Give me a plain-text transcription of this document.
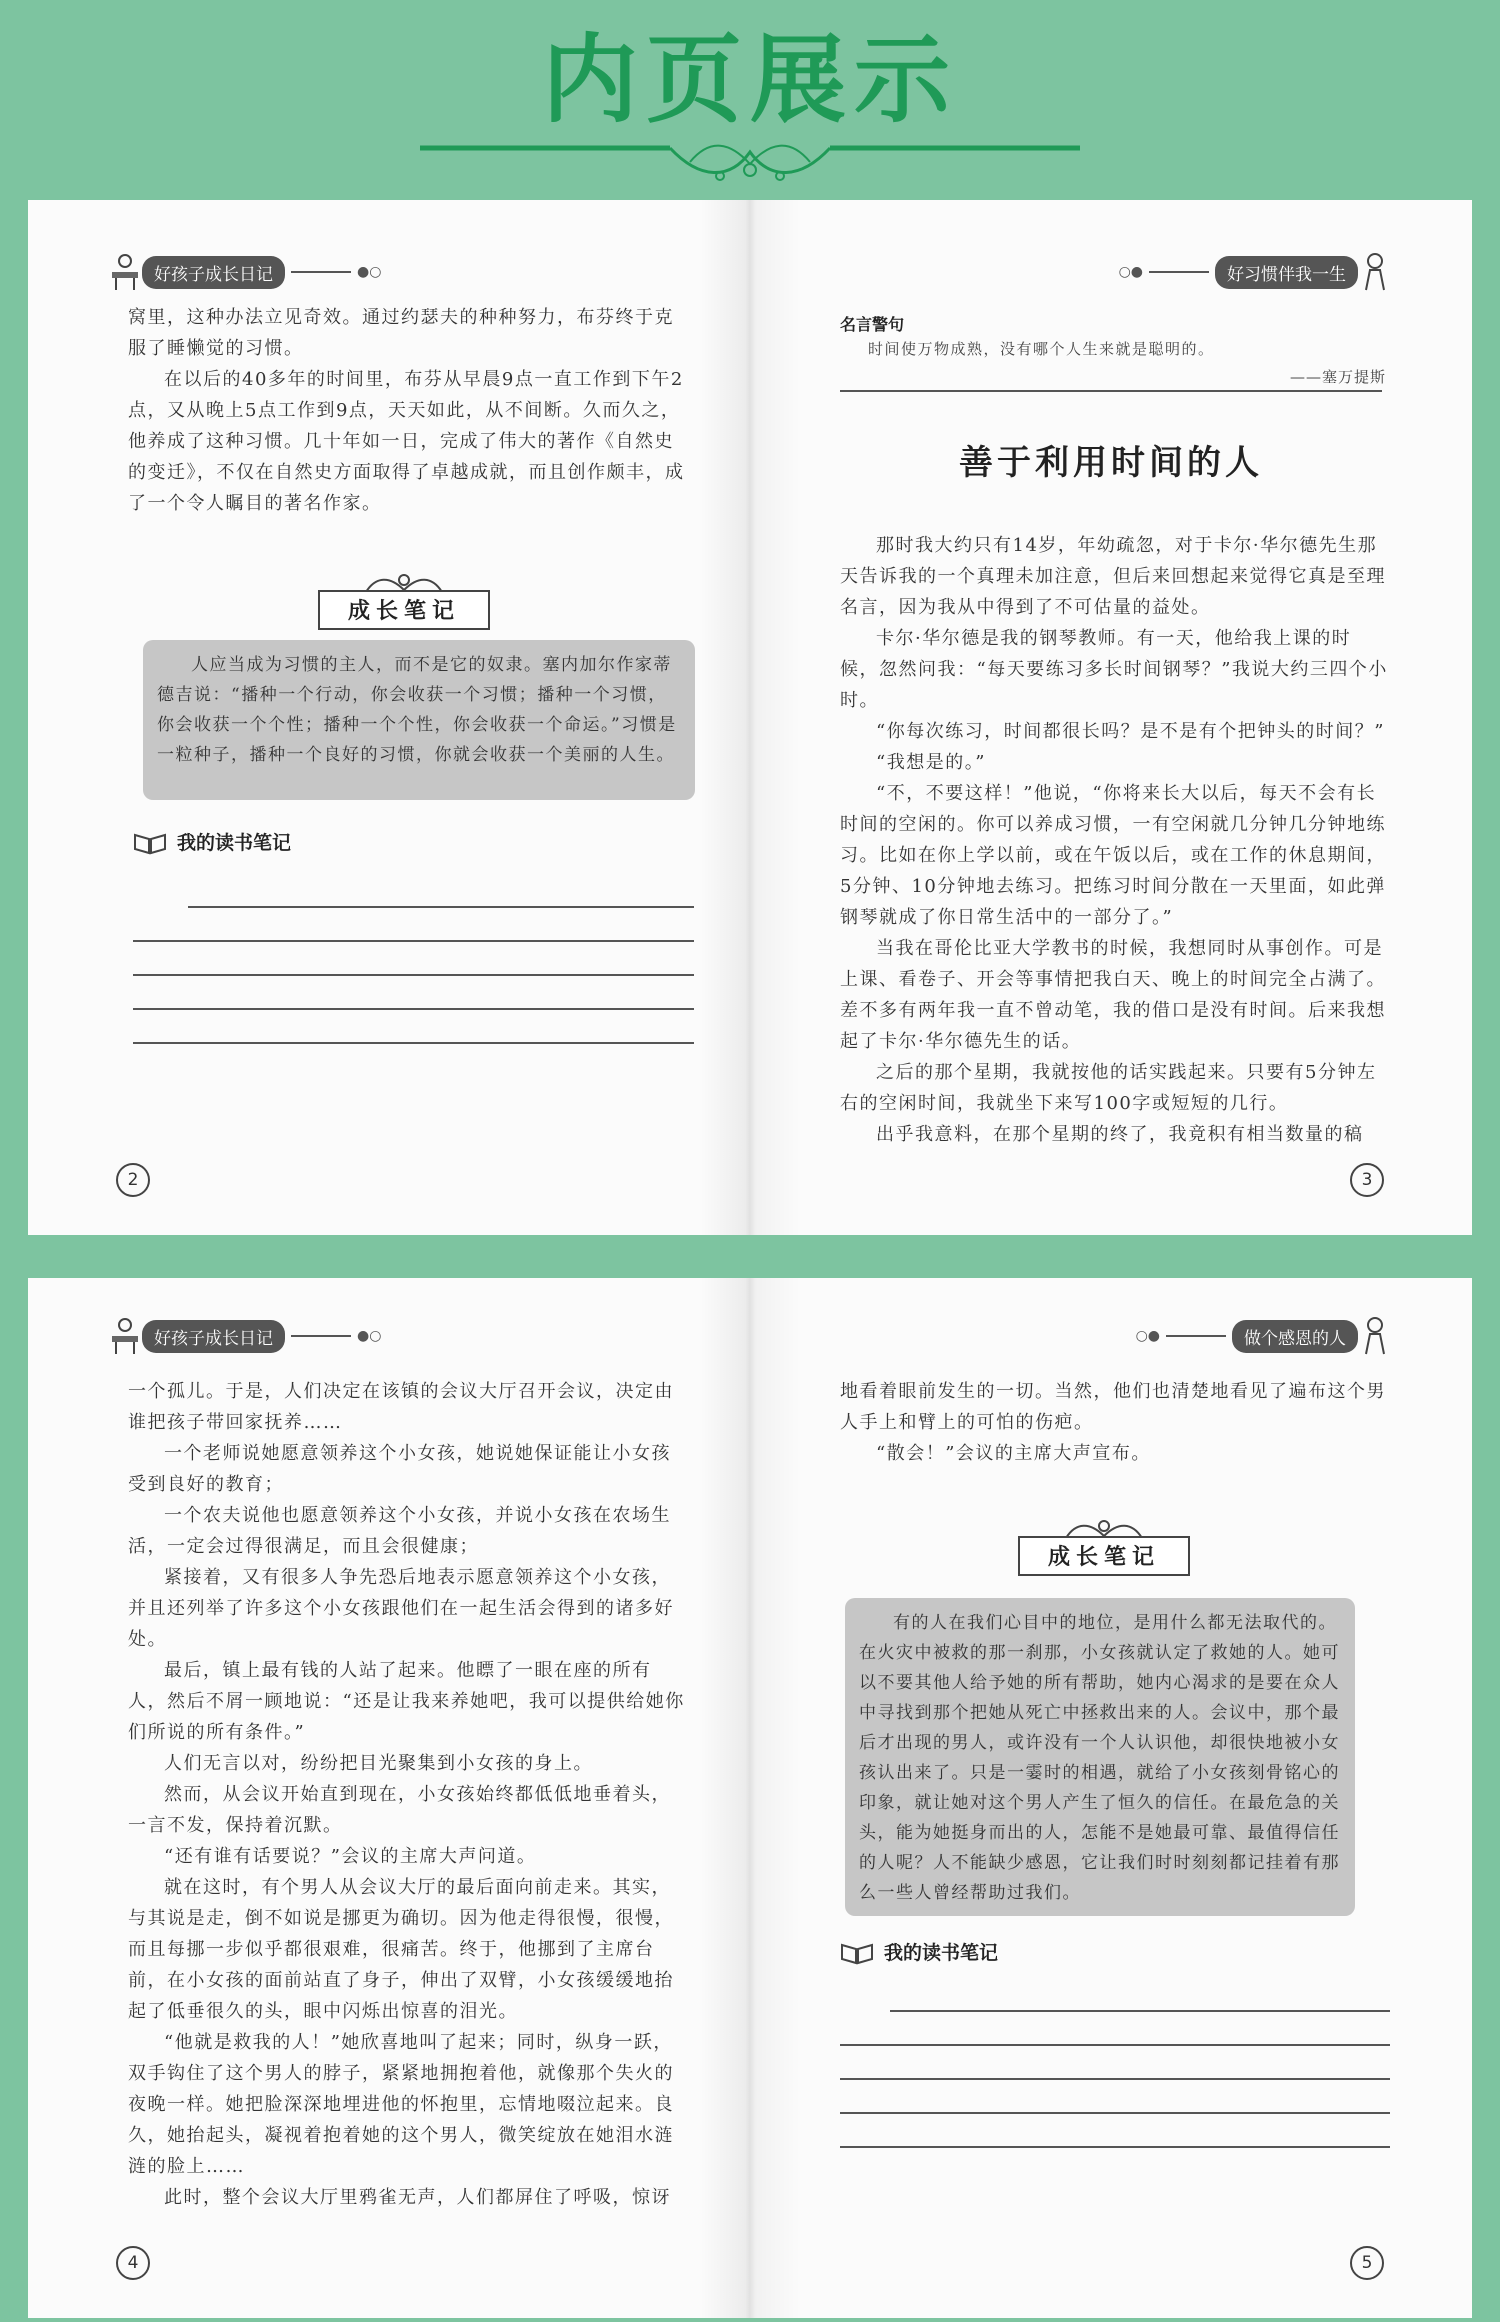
内页展示
好孩子成长日记	●○

窝里，这种办法立见奇效。通过约瑟夫的种种努力，布芬终于克服了睡懒觉的习惯。

在以后的40多年的时间里，布芬从早晨9点一直工作到下午2点，又从晚上5点工作到9点，天天如此，从不间断。久而久之，他养成了这种习惯。几十年如一日，完成了伟大的著作《自然史的变迁》，不仅在自然史方面取得了卓越成就，而且创作颇丰，成了一个令人瞩目的著名作家。

成长笔记

人应当成为习惯的主人，而不是它的奴隶。塞内加尔作家蒂德吉说：“播种一个行动，你会收获一个习惯；播种一个习惯，你会收获一个个性；播种一个个性，你会收获一个命运。”习惯是一粒种子，播种一个良好的习惯，你就会收获一个美丽的人生。

我的读书笔记
2
○●	好习惯伴我一生
名言警句
时间使万物成熟，没有哪个人生来就是聪明的。
——塞万提斯
善于利用时间的人

那时我大约只有14岁，年幼疏忽，对于卡尔·华尔德先生那天告诉我的一个真理未加注意，但后来回想起来觉得它真是至理名言，因为我从中得到了不可估量的益处。

卡尔·华尔德是我的钢琴教师。有一天，他给我上课的时候，忽然问我：“每天要练习多长时间钢琴？”我说大约三四个小时。

“你每次练习，时间都很长吗？是不是有个把钟头的时间？”

“我想是的。”

“不，不要这样！”他说，“你将来长大以后，每天不会有长时间的空闲的。你可以养成习惯，一有空闲就几分钟几分钟地练习。比如在你上学以前，或在午饭以后，或在工作的休息期间，5分钟、10分钟地去练习。把练习时间分散在一天里面，如此弹钢琴就成了你日常生活中的一部分了。”

当我在哥伦比亚大学教书的时候，我想同时从事创作。可是上课、看卷子、开会等事情把我白天、晚上的时间完全占满了。差不多有两年我一直不曾动笔，我的借口是没有时间。后来我想起了卡尔·华尔德先生的话。

之后的那个星期，我就按他的话实践起来。只要有5分钟左右的空闲时间，我就坐下来写100字或短短的几行。

出乎我意料，在那个星期的终了，我竟积有相当数量的稿

3
好孩子成长日记	●○

一个孤儿。于是，人们决定在该镇的会议大厅召开会议，决定由谁把孩子带回家抚养……

一个老师说她愿意领养这个小女孩，她说她保证能让小女孩受到良好的教育；

一个农夫说他也愿意领养这个小女孩，并说小女孩在农场生活，一定会过得很满足，而且会很健康；

紧接着，又有很多人争先恐后地表示愿意领养这个小女孩，并且还列举了许多这个小女孩跟他们在一起生活会得到的诸多好处。

最后，镇上最有钱的人站了起来。他瞟了一眼在座的所有人，然后不屑一顾地说：“还是让我来养她吧，我可以提供给她你们所说的所有条件。”

人们无言以对，纷纷把目光聚集到小女孩的身上。

然而，从会议开始直到现在，小女孩始终都低低地垂着头，一言不发，保持着沉默。

“还有谁有话要说？”会议的主席大声问道。

就在这时，有个男人从会议大厅的最后面向前走来。其实，与其说是走，倒不如说是挪更为确切。因为他走得很慢，很慢，而且每挪一步似乎都很艰难，很痛苦。终于，他挪到了主席台前，在小女孩的面前站直了身子，伸出了双臂，小女孩缓缓地抬起了低垂很久的头，眼中闪烁出惊喜的泪光。

“他就是救我的人！”她欣喜地叫了起来；同时，纵身一跃，双手钩住了这个男人的脖子，紧紧地拥抱着他，就像那个失火的夜晚一样。她把脸深深地埋进他的怀抱里，忘情地啜泣起来。良久，她抬起头，凝视着抱着她的这个男人，微笑绽放在她泪水涟涟的脸上……

此时，整个会议大厅里鸦雀无声，人们都屏住了呼吸，惊讶

4
○●	做个感恩的人

地看着眼前发生的一切。当然，他们也清楚地看见了遍布这个男人手上和臂上的可怕的伤疤。

“散会！”会议的主席大声宣布。

成长笔记

有的人在我们心目中的地位，是用什么都无法取代的。在火灾中被救的那一刹那，小女孩就认定了救她的人。她可以不要其他人给予她的所有帮助，她内心渴求的是要在众人中寻找到那个把她从死亡中拯救出来的人。会议中，那个最后才出现的男人，或许没有一个人认识他，却很快地被小女孩认出来了。只是一霎时的相遇，就给了小女孩刻骨铭心的印象，就让她对这个男人产生了恒久的信任。在最危急的关头，能为她挺身而出的人，怎能不是她最可靠、最值得信任的人呢？人不能缺少感恩，它让我们时时刻刻都记挂着有那么一些人曾经帮助过我们。

我的读书笔记
5
